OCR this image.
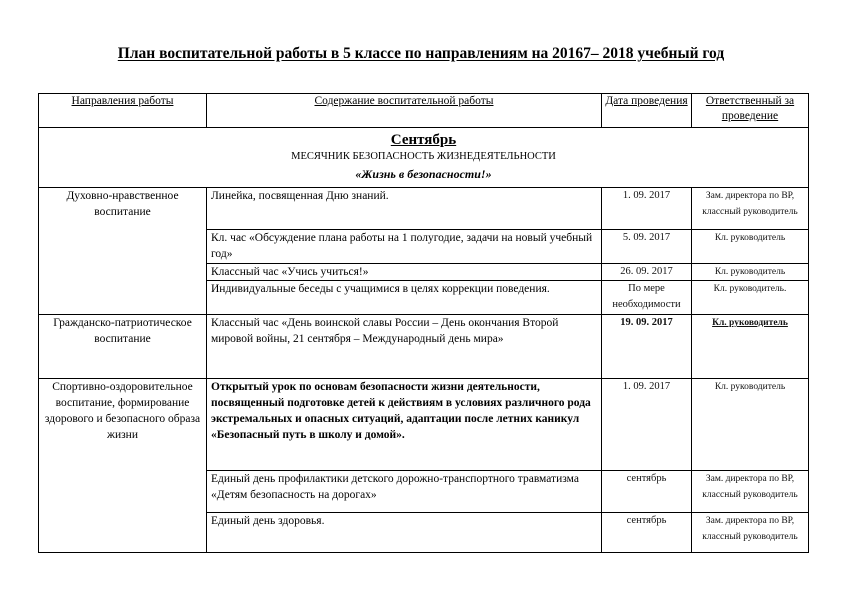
План воспитательной работы в 5 классе по направлениям на 20167– 2018 учебный год
Направления работы	Содержание воспитательной работы	Дата проведения	Ответственный за проведение

Сентябрь
МЕСЯЧНИК БЕЗОПАСНОСТЬ ЖИЗНЕДЕЯТЕЛЬНОСТИ
«Жизнь в безопасности!»			

Духовно-нравственное воспитание	Линейка, посвященная Дню знаний.	1. 09. 2017	Зам. директора по ВР, классный руководитель
	Кл. час «Обсуждение плана работы на 1 полугодие, задачи на новый учебный год»	5. 09. 2017	Кл. руководитель
	Классный час «Учись учиться!»	26. 09. 2017	Кл. руководитель
	Индивидуальные беседы с учащимися в целях коррекции поведения.	По мере необходимости	Кл. руководитель.
Гражданско-патриотическое воспитание	Классный час «День воинской славы России – День окончания Второй мировой войны, 21 сентября – Международный день мира»	19. 09. 2017	Кл. руководитель
Спортивно-оздоровительное воспитание, формирование здорового и безопасного образа жизни	Открытый урок по основам безопасности жизни деятельности, посвященный подготовке детей к действиям в условиях различного рода экстремальных и опасных ситуаций, адаптации после летних каникул «Безопасный путь в школу и домой».	1. 09. 2017	Кл. руководитель
	Единый день профилактики детского дорожно-транспортного травматизма «Детям безопасность на дорогах»	сентябрь	Зам. директора по ВР, классный руководитель
	Единый день здоровья.	сентябрь	Зам. директора по ВР, классный руководитель
